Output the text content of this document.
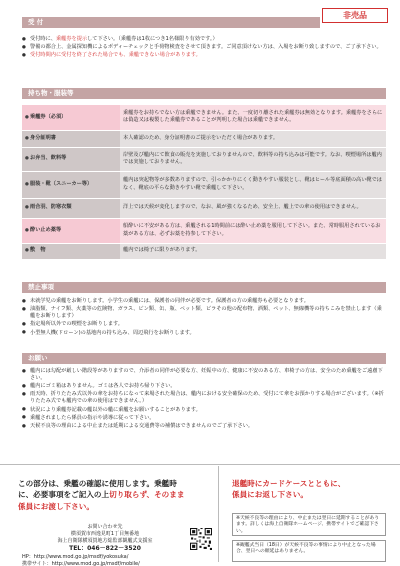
非売品
受 付
● 受付時に、乗艦券を提示して下さい。（乗艦券は1枚につき1名様限り有効です。）
● 警備の都合上、金属探知機によるボディーチェックと手荷物検査をさせて頂きます。ご同意頂けない方は、入場をお断り致しますので、ご了承下さい。
● 受付時間内に受付を終了された場合でも、乗艦できない場合があります。
持ち物・服装等
●乗艦券（必須）	乗艦券をお持ちでない方は乗艦できません。また、一度切り離された乗艦券は無効となります。乗艦券をさらには偽造又は複製した乗艦券であることが判明した場合は乗艦できません。
●身分証明書	本人確認のため、身分証明書のご提示をいただく場合があります。
●お弁当、飲料等	岸壁及び艦内にて飲食の販売を実施しておりませんので、飲料等の持ち込みは可能です。なお、喫煙場所は艦内では実施しておりません。
●服装・靴（スニーカー等）	艦内は突起物等が多数ありますので、引っかかりにくく動きやすい服装とし、靴はヒール等底面積の高い靴ではなく、靴底の平らな動きやすい靴で乗艦して下さい。
●雨合羽、防寒衣類	洋上では天候が変化しますので、なお、風が強くなるため、安全上、艦上での傘の使用はできません。
●酔い止め薬等	船酔いに不安がある方は、乗艦される1時間前には酔い止め薬を服用して下さい。また、常時服用されているお薬がある方は、必ずお薬を持参して下さい。
●敷　物	艦内では椅子に限りがあります。
禁止事項
● 未就学児の乗艦をお断りします。小学生の乗艦には、保護者の同伴が必要です。保護者の方の乗艦券も必要となります。
● 油脂類、ナイフ類、火薬等の危険物、ガラス、ビン類、缶、瓶、ペット類、ビラその他の配布物、酒類、ペット、無線機等の持ちこみを禁止します（乗艦をお断りします）
● 指定場所以外での喫煙をお断りします。
● 小型無人機(ドローン)の基地内の持ち込み、周辺飛行をお断りします。
お願い
● 艦内には勾配が厳しい階段等がありますので、介添者の同伴が必要な方、妊娠中の方、健康に不安のある方、車椅子の方は、安全のため乗艦をご遠慮下さい。
● 艦内にゴミ箱はありません。ゴミは各人でお持ち帰り下さい。
● 雨天時、折りたたみ式以外の傘をお持ちになって来場された場合は、艦内における安全確保のため、受付にて傘をお預かりする場合がございます。（※折りたたみ式でも艦内での傘の使用はできません。）
● 状況により乗艦券記載の艦以外の艦に乗艦をお願いすることがあります。
● 乗艦されましたら係員の指示や誘導に従って下さい。
● 天候不良等の理由による中止または延期による交通費等の補償はできませんのでご了承下さい。
この部分は、乗艦の確認に使用します。乗艦時
に、必要事項をご記入の上切り取らず、そのまま
係員にお渡し下さい。
退艦時にカードケースとともに、
係員にお返し下さい。
お問い合わせ先
横須賀市西逸見町1丁目無番地
海上自衛隊横須賀地方総監部観艦式支援室
TEL：046－822－3520
HP：http://www.mod.go.jp/msdf/yokosuka/
携帯サイト：http://www.mod.go.jp/msdf/mobile/
※天候不良等の理由により、中止または翌日に延期することがあります。詳しくは海上自衛隊ホームページ、携帯サイトでご確認下さい。
※観艦式当日（18日）が天候不良等の事情により中止となった場合、翌日への順延はありません。
